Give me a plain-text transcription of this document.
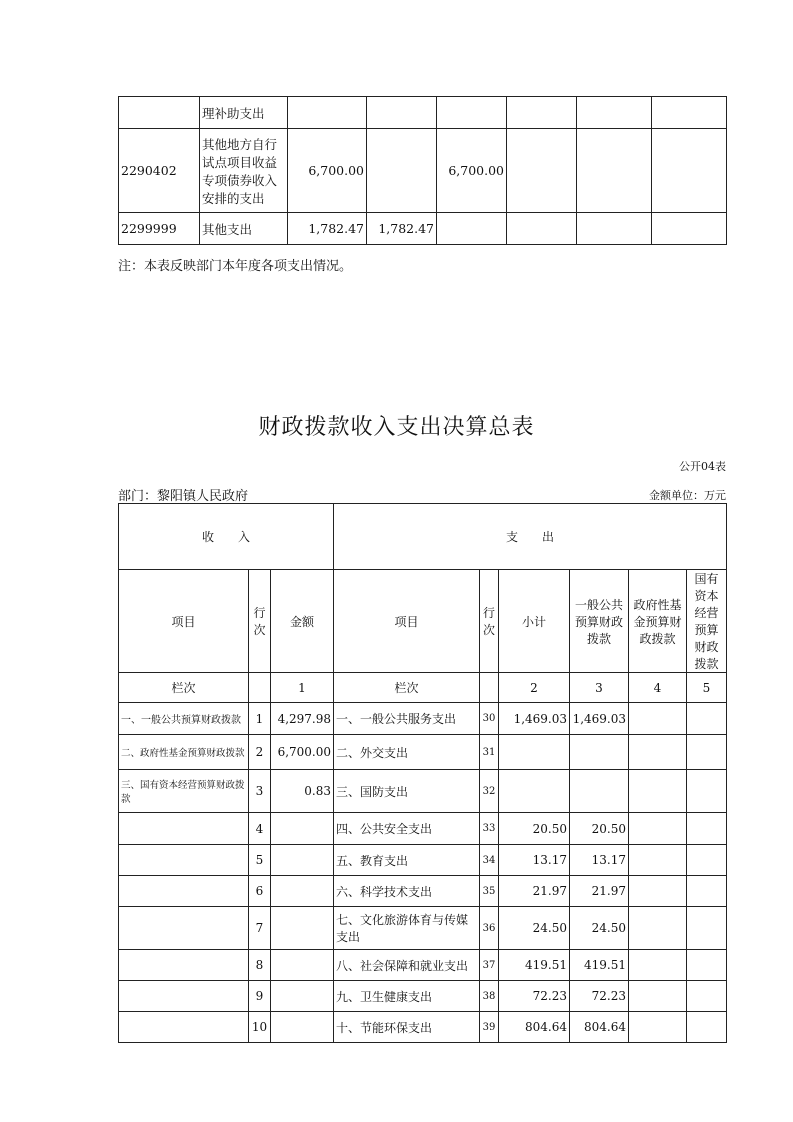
	理补助支出						
2290402	其他地方自行试点项目收益专项债券收入安排的支出	6,700.00		6,700.00			
2299999	其他支出	1,782.47	1,782.47				
注：本表反映部门本年度各项支出情况。
财政拨款收入支出决算总表
公开04表
部门：黎阳镇人民政府	金额单位：万元
收　　入			支　　出					
项目	行次	金额	项目	行次	小计	一般公共预算财政拨款	政府性基金预算财政拨款	国有资本经营预算财政拨款
栏次		1	栏次		2	3	4	5
一、一般公共预算财政拨款	1	4,297.98	一、一般公共服务支出	30	1,469.03	1,469.03		
二、政府性基金预算财政拨款	2	6,700.00	二、外交支出	31				
三、国有资本经营预算财政拨款	3	0.83	三、国防支出	32				
	4		四、公共安全支出	33	20.50	20.50		
	5		五、教育支出	34	13.17	13.17		
	6		六、科学技术支出	35	21.97	21.97		
	7		七、文化旅游体育与传媒支出	36	24.50	24.50		
	8		八、社会保障和就业支出	37	419.51	419.51		
	9		九、卫生健康支出	38	72.23	72.23		
	10		十、节能环保支出	39	804.64	804.64		
